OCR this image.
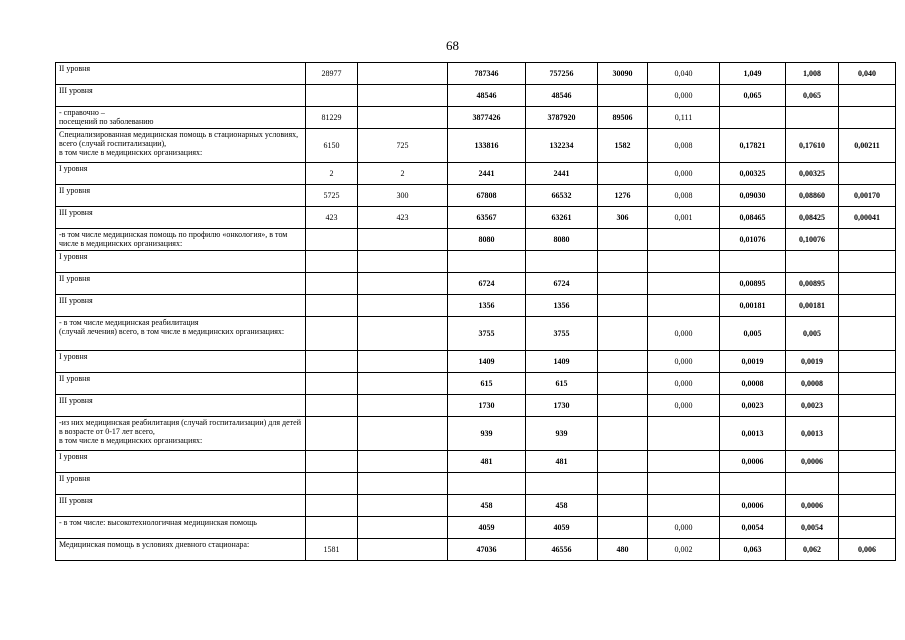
68
II уровня	28977		787346	757256	30090	0,040	1,049	1,008	0,040
III уровня			48546	48546		0,000	0,065	0,065	
- справочно –
посещений по заболеванию	81229		3877426	3787920	89506	0,111			
Специализированная медицинская помощь в стационарных условиях, всего (случай госпитализации),
в том числе в медицинских организациях:	6150	725	133816	132234	1582	0,008	0,17821	0,17610	0,00211
I уровня	2	2	2441	2441		0,000	0,00325	0,00325	
II уровня	5725	300	67808	66532	1276	0,008	0,09030	0,08860	0,00170
III уровня	423	423	63567	63261	306	0,001	0,08465	0,08425	0,00041
-в том числе медицинская помощь по профилю «онкология», в том числе в медицинских организациях:			8080	8080			0,01076	0,10076	
I уровня									
II уровня			6724	6724			0,00895	0,00895	
III уровня			1356	1356			0,00181	0,00181	
- в том числе медицинская реабилитация
(случай лечения) всего, в том числе в медицинских организациях:			3755	3755		0,000	0,005	0,005	
I уровня			1409	1409		0,000	0,0019	0,0019	
II уровня			615	615		0,000	0,0008	0,0008	
III уровня			1730	1730		0,000	0,0023	0,0023	
-из них медицинская реабилитация (случай госпитализации) для детей в возрасте от 0-17 лет всего,
в том числе в медицинских организациях:			939	939			0,0013	0,0013	
I уровня			481	481			0,0006	0,0006	
II уровня									
III уровня			458	458			0,0006	0,0006	
- в том числе: высокотехнологичная медицинская помощь			4059	4059		0,000	0,0054	0,0054	
Медицинская помощь в условиях дневного стационара:	1581		47036	46556	480	0,002	0,063	0,062	0,006
